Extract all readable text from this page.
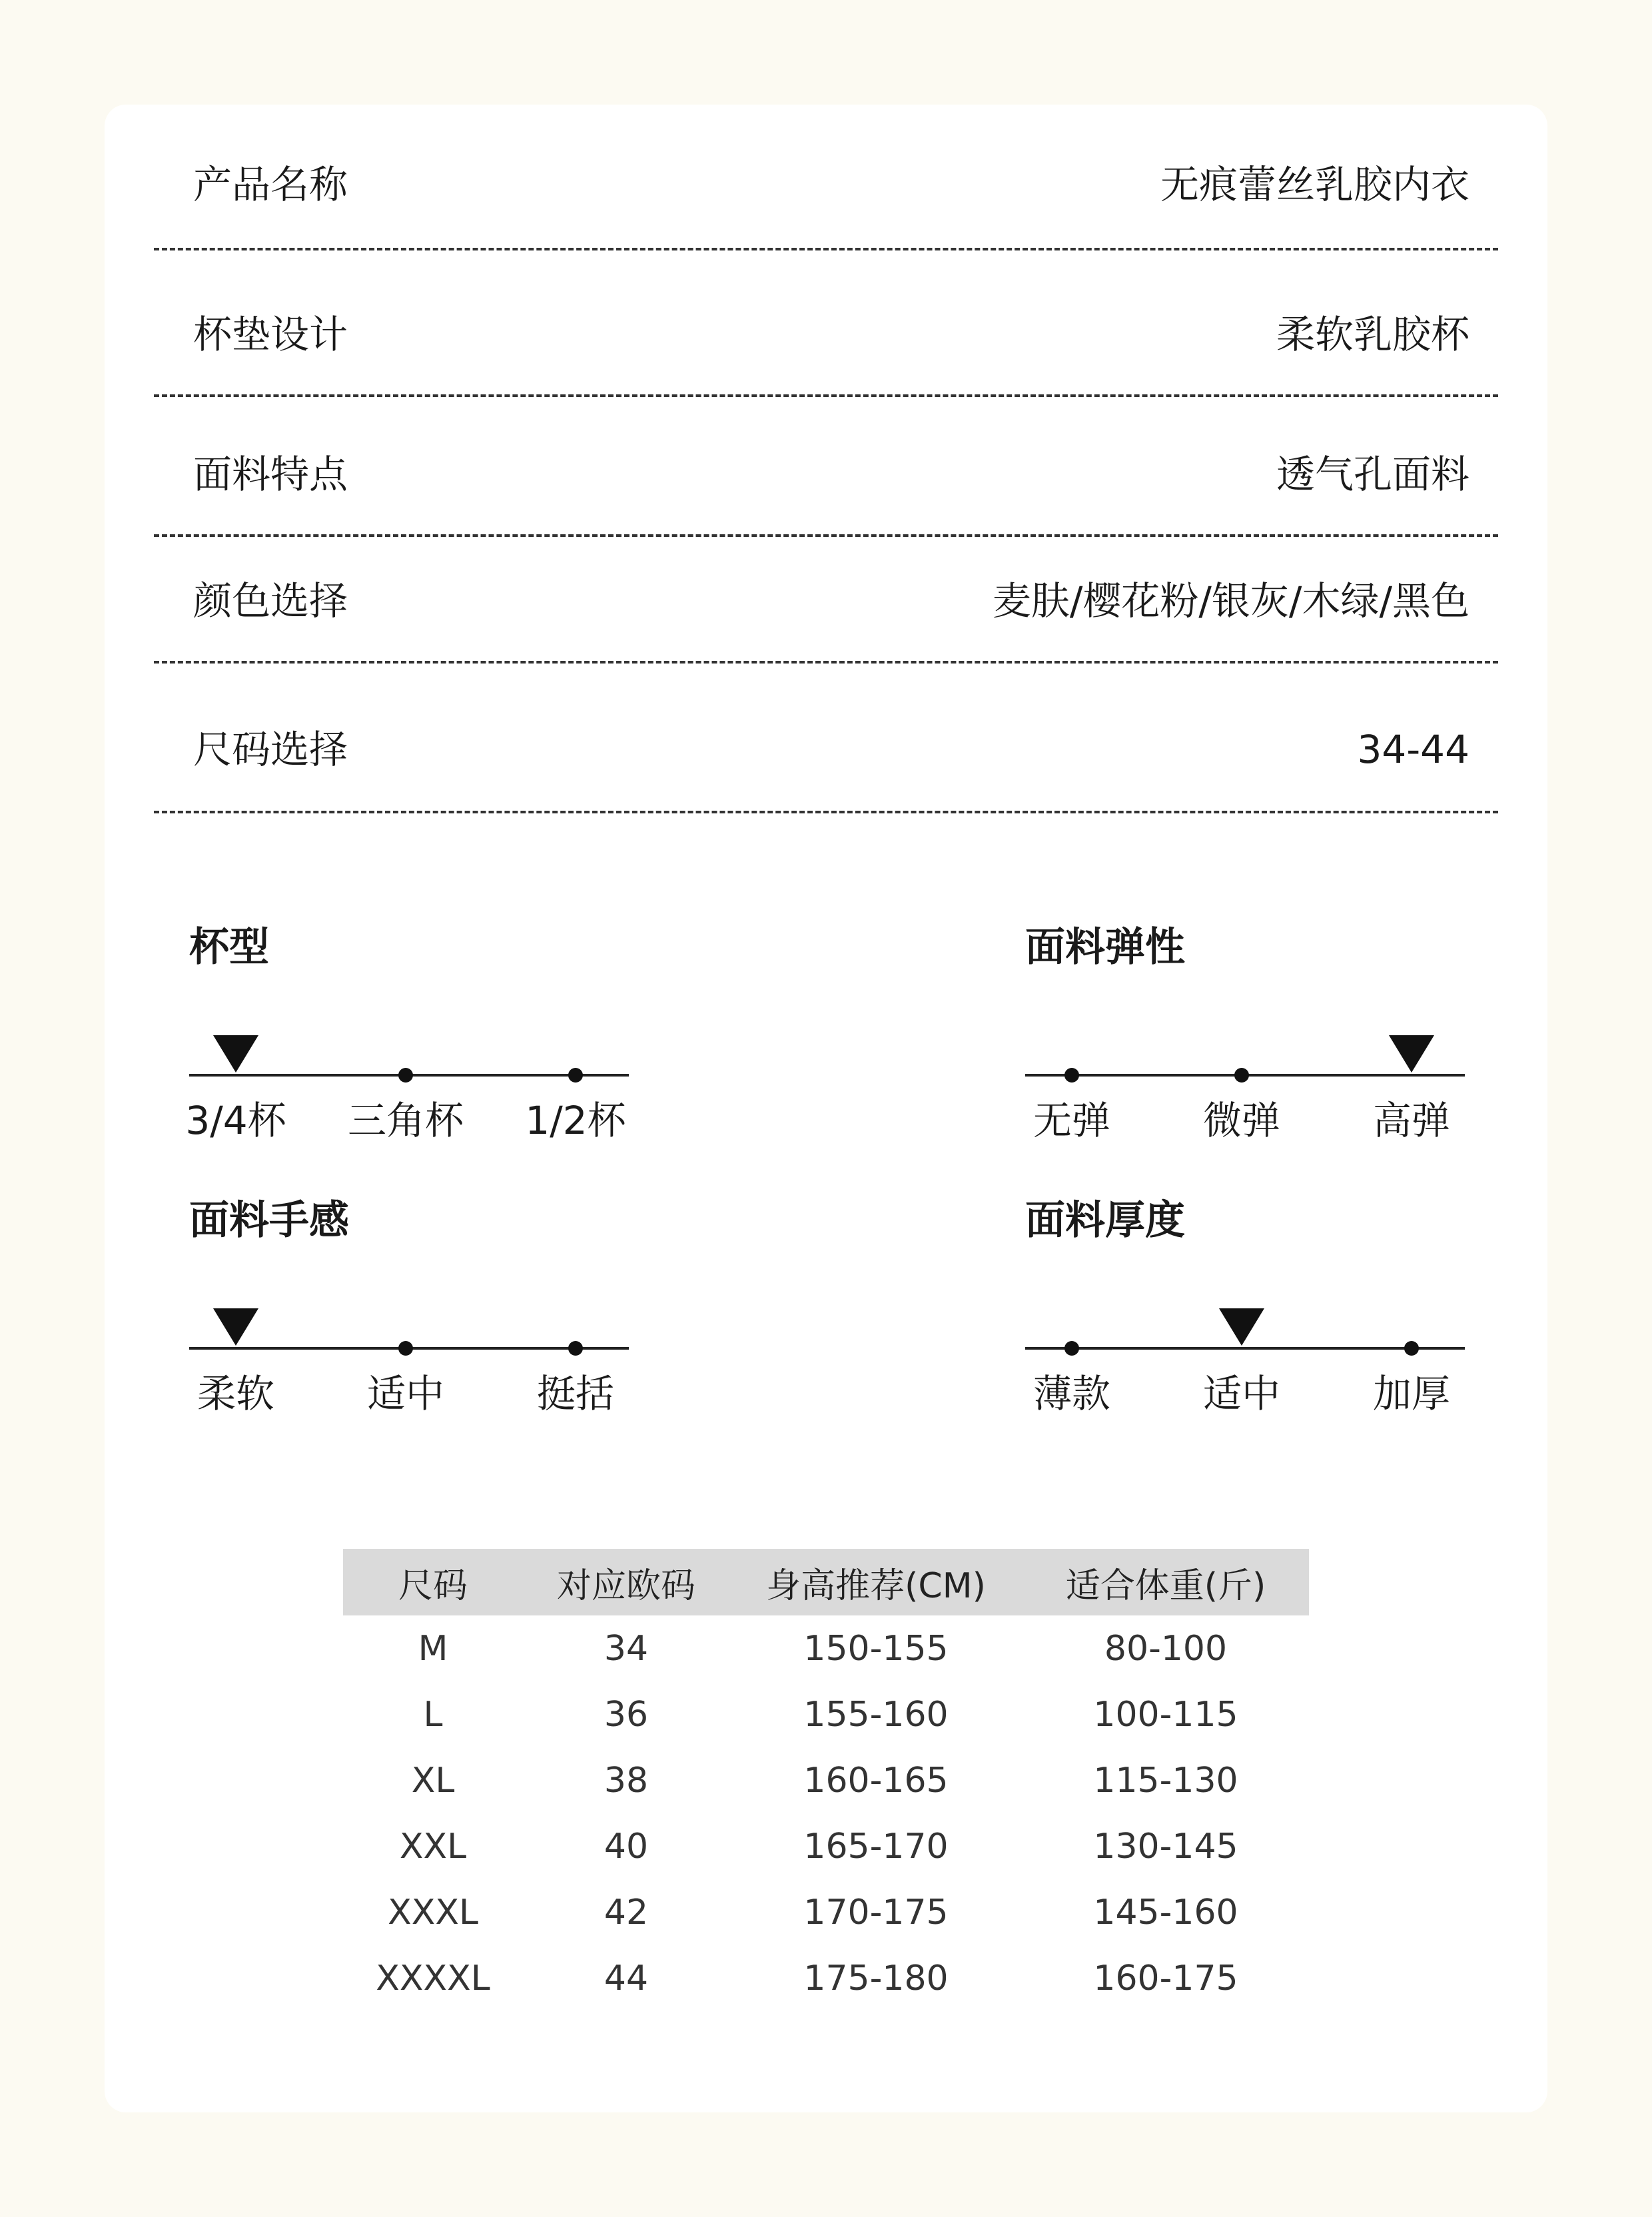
产品名称	无痕蕾丝乳胶内衣
杯垫设计	柔软乳胶杯
面料特点	透气孔面料
颜色选择	麦肤/樱花粉/银灰/木绿/黑色
尺码选择	34-44
杯型
3/4杯 三角杯 1/2杯
面料弹性
无弹 微弹 高弹
面料手感
柔软 适中 挺括
面料厚度
薄款 适中 加厚
尺码	对应欧码	身高推荐(CM)	适合体重(斤)
M	34	150-155	80-100
L	36	155-160	100-115
XL	38	160-165	115-130
XXL	40	165-170	130-145
XXXL	42	170-175	145-160
XXXXL	44	175-180	160-175
